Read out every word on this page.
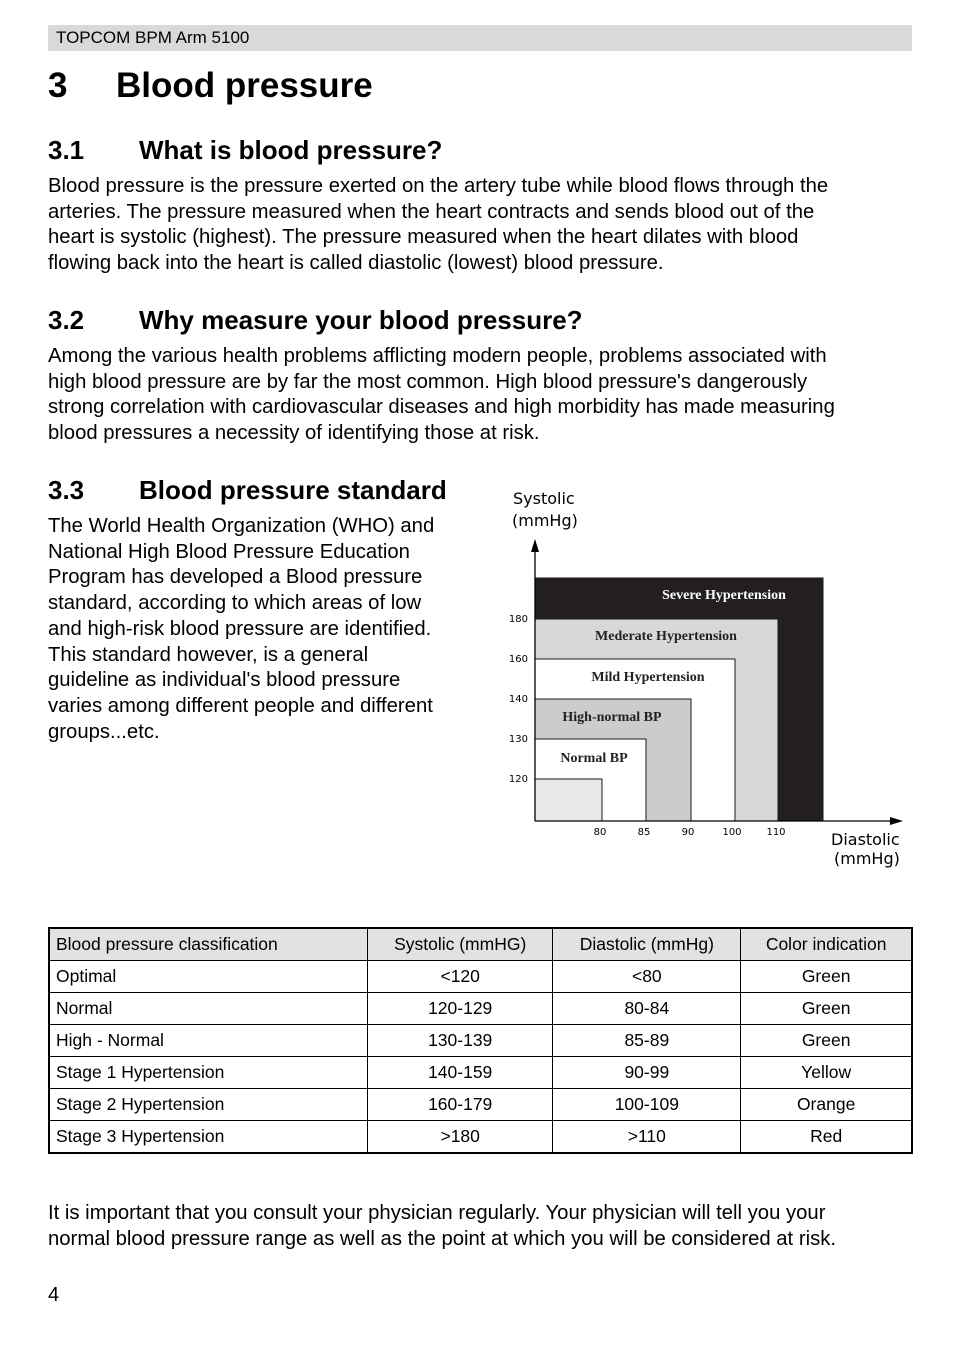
TOPCOM BPM Arm 5100
3 Blood pressure
3.1 What is blood pressure?
Blood pressure is the pressure exerted on the artery tube while blood flows through the
arteries. The pressure measured when the heart contracts and sends blood out of the
heart is systolic (highest). The pressure measured when the heart dilates with blood
flowing back into the heart is called diastolic (lowest) blood pressure.
3.2 Why measure your blood pressure?
Among the various health problems afflicting modern people, problems associated with
high blood pressure are by far the most common. High blood pressure's dangerously
strong correlation with cardiovascular diseases and high morbidity has made measuring
blood pressures a necessity of identifying those at risk.
3.3 Blood pressure standard
The World Health Organization (WHO) and
National High Blood Pressure Education
Program has developed a Blood pressure
standard, according to which areas of low
and high-risk blood pressure are identified.
This standard however, is a general
guideline as individual's blood pressure
varies among different people and different
groups...etc.
Severe Hypertension
Mederate Hypertension
Mild Hypertension
High-normal BP
Normal BP
180
160
140
130
120
80	85	90	100 110
Systolic
(mmHg)
Diastolic
(mmHg)
Blood pressure classification	Systolic (mmHG)	Diastolic (mmHg)	Color indication
Optimal	<120	<80	Green
Normal	120-129	80-84	Green
High - Normal	130-139	85-89	Green
Stage 1 Hypertension	140-159	90-99	Yellow
Stage 2 Hypertension	160-179	100-109	Orange
Stage 3 Hypertension	>180	>110	Red
It is important that you consult your physician regularly. Your physician will tell you your
normal blood pressure range as well as the point at which you will be considered at risk.
4
